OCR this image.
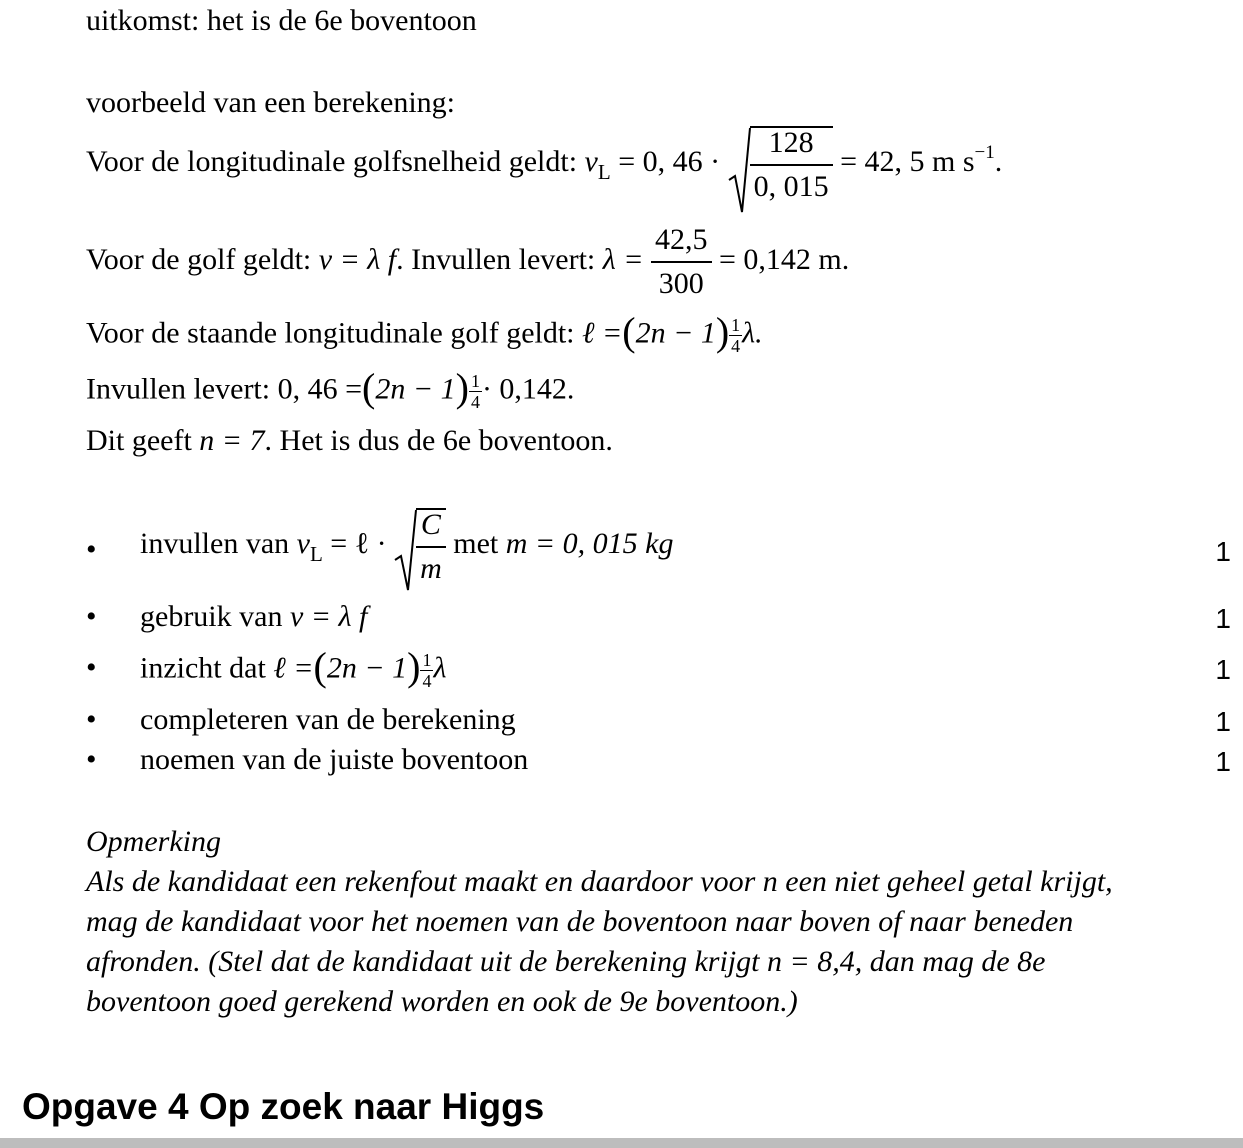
uitkomst: het is de 6e boventoon
voorbeeld van een berekening:
Voor de longitudinale golfsnelheid geldt: $v_L = 0$, $46 \cdot \frac{128}{0, 015} = 42$, 5 m $s^{-1}$.
Voor de golf geldt: v = λ f. Invullen levert: $\lambda = \frac{42,5}{300} = 0,142$ m.
Voor de staande longitudinale golf geldt: ℓ $=(2n - 1) \frac{1}{4} \lambda$.
Invullen levert: 0, $46 =(2n - 1) \frac{1}{4} \cdot 0,142$.
Dit geeft n = 7. Het is dus de 6e boventoon.
• invullen van $v_L$ = ℓ · $\frac{C}{m}$ met m = 0, 015 kg	1
• gebruik van v = λ f	1
• inzicht dat ℓ $=(2n - 1) \frac{1}{4}$ λ	1
• completeren van de berekening	1
• noemen van de juiste boventoon	1
Opmerking
Als de kandidaat een rekenfout maakt en daardoor voor n een niet geheel getal krijgt, mag de kandidaat voor het noemen van de boventoon naar boven of naar beneden afronden. (Stel dat de kandidaat uit de berekening krijgt n = 8,4, dan mag de 8e boventoon goed gerekend worden en ook de 9e boventoon.)
Opgave 4 Op zoek naar Higgs
